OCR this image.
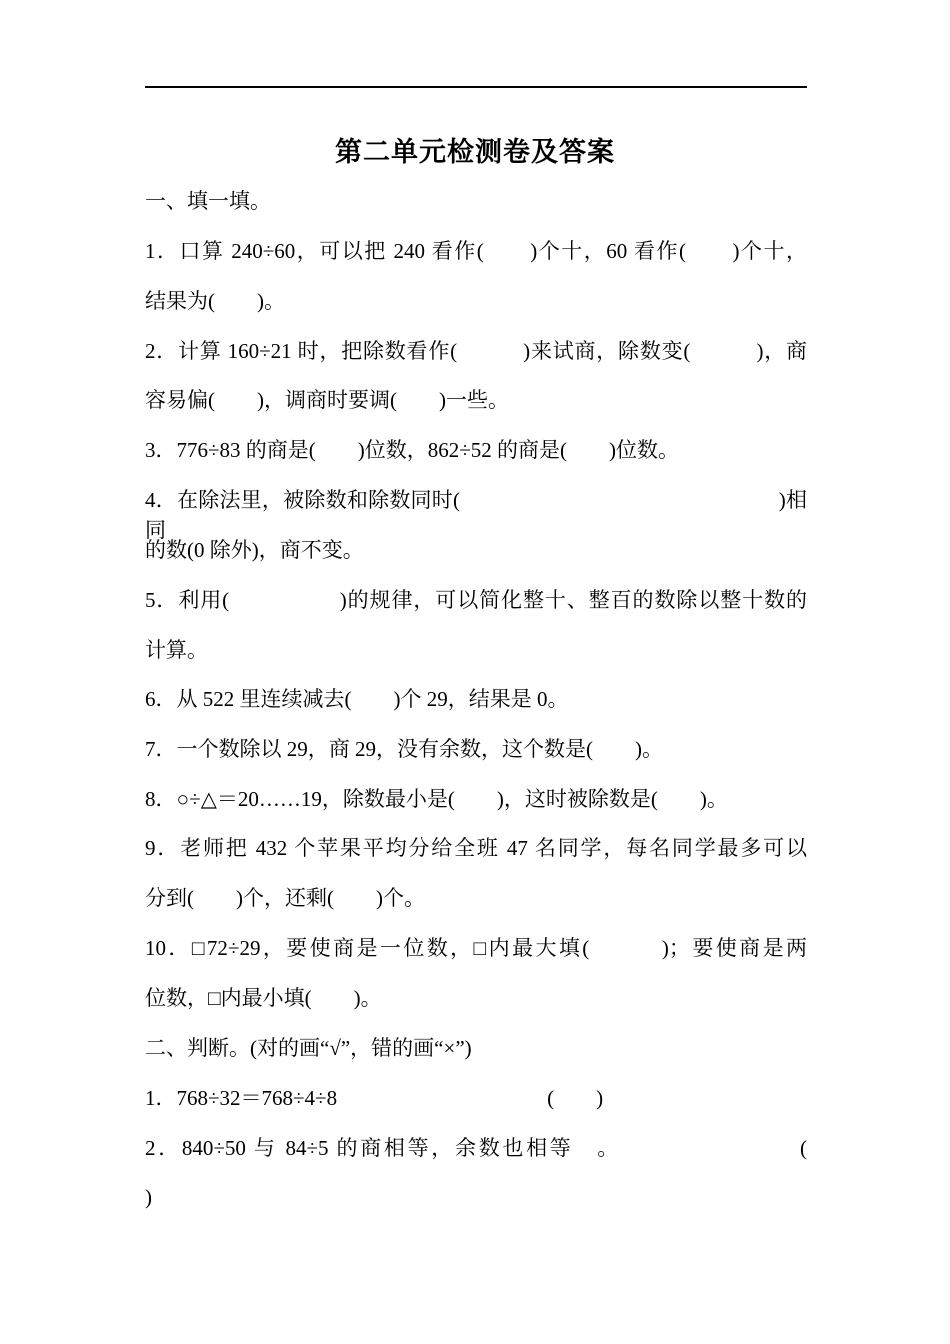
第二单元检测卷及答案
一、填一填。
1．口算 240÷60，可以把 240 看作(　　)个十，60 看作(　　)个十，
结果为(　　)。
2．计算 160÷21 时，把除数看作(　　　)来试商，除数变(　　　)，商
容易偏(　　)，调商时要调(　　)一些。
3．776÷83 的商是(　　)位数，862÷52 的商是(　　)位数。
4．在除法里，被除数和除数同时(　　　　　　　　　　　　　　　)相同
的数(0 除外)，商不变。
5．利用(　　　　　)的规律，可以简化整十、整百的数除以整十数的
计算。
6．从 522 里连续减去(　　)个 29，结果是 0。
7．一个数除以 29，商 29，没有余数，这个数是(　　)。
8．○÷△＝20……19，除数最小是(　　)，这时被除数是(　　)。
9．老师把 432 个苹果平均分给全班 47 名同学，每名同学最多可以
分到(　　)个，还剩(　　)个。
10．□72÷29，要使商是一位数，□内最大填(　　　)；要使商是两
位数，□内最小填(　　)。
二、判断。(对的画“√”，错的画“×”)
1．768÷32＝768÷4÷8　　　　　　　　　　(　　)
2．840÷50 与 84÷5 的商相等，余数也相等　。　　　　　　　　(
)
